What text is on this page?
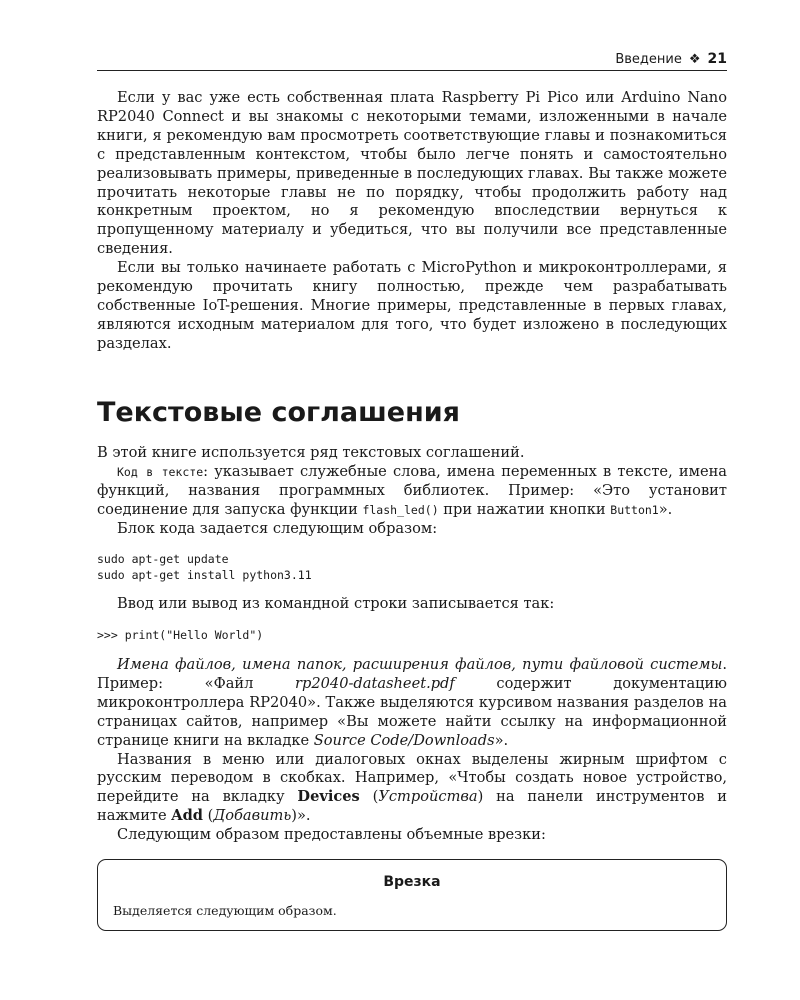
Введение ❖ 21

Если у вас уже есть собственная плата Raspberry Pi Pico или Arduino Nano RP2040 Connect и вы знакомы с некоторыми темами, изложенными в начале книги, я рекомендую вам просмотреть соответствующие главы и познакомиться с представленным контекстом, чтобы было легче понять и самостоятельно реализовывать примеры, приведенные в последующих главах. Вы также можете прочитать некоторые главы не по порядку, чтобы продолжить работу над конкретным проектом, но я рекомендую впоследствии вернуться к пропущенному материалу и убедиться, что вы получили все представленные сведения.

Если вы только начинаете работать с MicroPython и микроконтроллерами, я рекомендую прочитать книгу полностью, прежде чем разрабатывать собственные IoT-решения. Многие примеры, представленные в первых главах, являются исходным материалом для того, что будет изложено в последующих разделах.

Текстовые соглашения

В этой книге используется ряд текстовых соглашений.

Код в тексте: указывает служебные слова, имена переменных в тексте, имена функций, названия программных библиотек. Пример: «Это установит соединение для запуска функции flash_led() при нажатии кнопки Button1».

Блок кода задается следующим образом:

sudo apt-get update
sudo apt-get install python3.11

Ввод или вывод из командной строки записывается так:

>>> print("Hello World")

Имена файлов, имена папок, расширения файлов, пути файловой системы. Пример: «Файл rp2040-datasheet.pdf содержит документацию микроконтроллера RP2040». Также выделяются курсивом названия разделов на страницах сайтов, например «Вы можете найти ссылку на информационной странице книги на вкладке Source Code/Downloads».

Названия в меню или диалоговых окнах выделены жирным шрифтом с русским переводом в скобках. Например, «Чтобы создать новое устройство, перейдите на вкладку Devices (Устройства) на панели инструментов и нажмите Add (Добавить)».

Следующим образом предоставлены объемные врезки:

Врезка
Выделяется следующим образом.
